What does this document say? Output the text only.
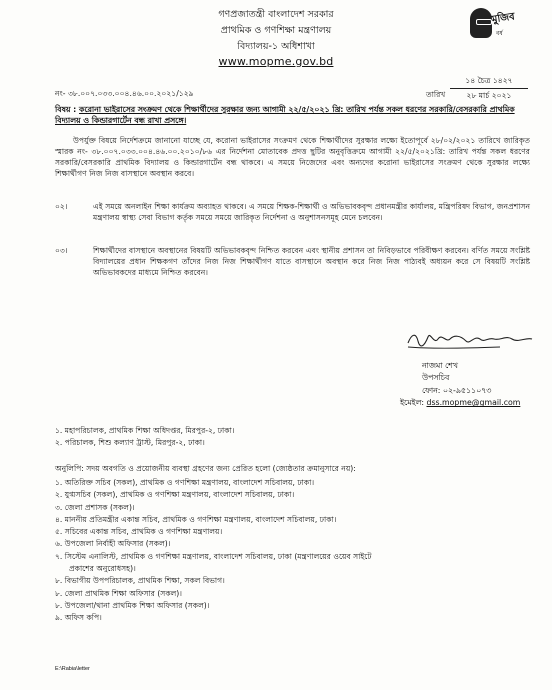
মুজিব
বর্ষ
গণপ্রজাতন্ত্রী বাংলাদেশ সরকার
প্রাথমিক ও গণশিক্ষা মন্ত্রণালয়
বিদ্যালয়-১ অধিশাখা
www.mopme.gov.bd
নং- ৩৮.০০৭.০৩৩.০০৪.৪৬.০০.২০২১/১২৯	তারিখ
১৪ চৈত্র ১৪২৭
২৮ মার্চ ২০২১
বিষয় : করোনা ভাইরাসের সংক্রমণ থেকে শিক্ষার্থীদের সুরক্ষার জন্য আগামী ২২/৫/২০২১ খ্রি: তারিখ পর্যন্ত সকল ধরণের সরকারি/বেসরকারি প্রাথমিক বিদ্যালয় ও কিন্ডারগার্টেন বন্ধ রাখা প্রসঙ্গে।
উপর্যুক্ত বিষয়ে নির্দেশক্রমে জানানো যাচ্ছে যে, করোনা ভাইরাসের সংক্রমণ থেকে শিক্ষার্থীদের সুরক্ষার লক্ষ্যে ইতোপূর্বে ২৮/০২/২০২১ তারিখে জারিকৃত স্মারক নং- ৩৮.০০৭.০৩৩.০০৪.৪৬.০০.২০১০/৮৬ এর নির্দেশনা মোতাবেক প্রদত্ত ছুটির অনুবৃত্তিক্রমে আগামী ২২/৫/২০২১খ্রি: তারিখ পর্যন্ত সকল ধরণের সরকারি/বেসরকারি প্রাথমিক বিদ্যালয় ও কিন্ডারগার্টেন বন্ধ থাকবে। এ সময়ে নিজেদের এবং অন্যদের করোনা ভাইরাসের সংক্রমণ থেকে সুরক্ষার লক্ষ্যে শিক্ষার্থীগণ নিজ নিজ বাসস্থানে অবস্থান করবে।
০২।	এই সময়ে অনলাইন শিক্ষা কার্যক্রম অব্যাহত থাকবে। এ সময়ে শিক্ষক-শিক্ষার্থী ও অভিভাবকবৃন্দ প্রধানমন্ত্রীর কার্যালয়, মন্ত্রিপরিষদ বিভাগ, জনপ্রশাসন মন্ত্রণালয় স্বাস্থ্য সেবা বিভাগ কর্তৃক সময়ে সময়ে জারিকৃত নির্দেশনা ও অনুশাসনসমূহ মেনে চলবেন।
০৩।	শিক্ষার্থীদের বাসস্থানে অবস্থানের বিষয়টি অভিভাবকবৃন্দ নিশ্চিত করবেন এবং স্থানীয় প্রশাসন তা নিবিড়ভাবে পরিবীক্ষণ করবেন। বর্ণিত সময়ে সংশ্লিষ্ট বিদ্যালয়ের প্রধান শিক্ষকগণ তাঁদের নিজ নিজ শিক্ষার্থীগণ যাতে বাসস্থানে অবস্থান করে নিজ নিজ পাঠ্যবই অধ্যয়ন করে সে বিষয়টি সংশ্লিষ্ট অভিভাবকদের মাধ্যমে নিশ্চিত করবেন।
নাজমা শেখ
উপসচিব
ফোন: ০২-৯৫১১০৭৩
ইমেইল: dss.mopme@gmail.com
১. মহাপরিচালক, প্রাথমিক শিক্ষা অধিদপ্তর, মিরপুর-২, ঢাকা।
২. পরিচালক, শিশু কল্যাণ ট্রাস্ট, মিরপুর-২, ঢাকা।
অনুলিপি: সদয় অবগতি ও প্রয়োজনীয় ব্যবস্থা গ্রহণের জন্য প্রেরিত হলো (জ্যেষ্ঠতার ক্রমানুসারে নয়):
১. অতিরিক্ত সচিব (সকল), প্রাথমিক ও গণশিক্ষা মন্ত্রণালয়, বাংলাদেশ সচিবালয়, ঢাকা।
২. যুগ্মসচিব (সকল), প্রাথমিক ও গণশিক্ষা মন্ত্রণালয়, বাংলাদেশ সচিবালয়, ঢাকা।
৩. জেলা প্রশাসক (সকল)।
৪. মাননীয় প্রতিমন্ত্রীর একান্ত সচিব, প্রাথমিক ও গণশিক্ষা মন্ত্রণালয়, বাংলাদেশ সচিবালয়, ঢাকা।
৫. সচিবের একান্ত সচিব, প্রাথমিক ও গণশিক্ষা মন্ত্রণালয়।
৬. উপজেলা নির্বাহী অফিসার (সকল)।
৭. সিস্টেম এনালিস্ট, প্রাথমিক ও গণশিক্ষা মন্ত্রণালয়, বাংলাদেশ সচিবালয়, ঢাকা (মন্ত্রণালয়ের ওয়েব সাইটে
প্রকাশের অনুরোধসহ)।
৮. বিভাগীয় উপপরিচালক, প্রাথমিক শিক্ষা, সকল বিভাগ।
৮. জেলা প্রাথমিক শিক্ষা অফিসার (সকল)।
৮. উপজেলা/থানা প্রাথমিক শিক্ষা অফিসার (সকল)।
৯. অফিস কপি।
E:\Rabia\letter
